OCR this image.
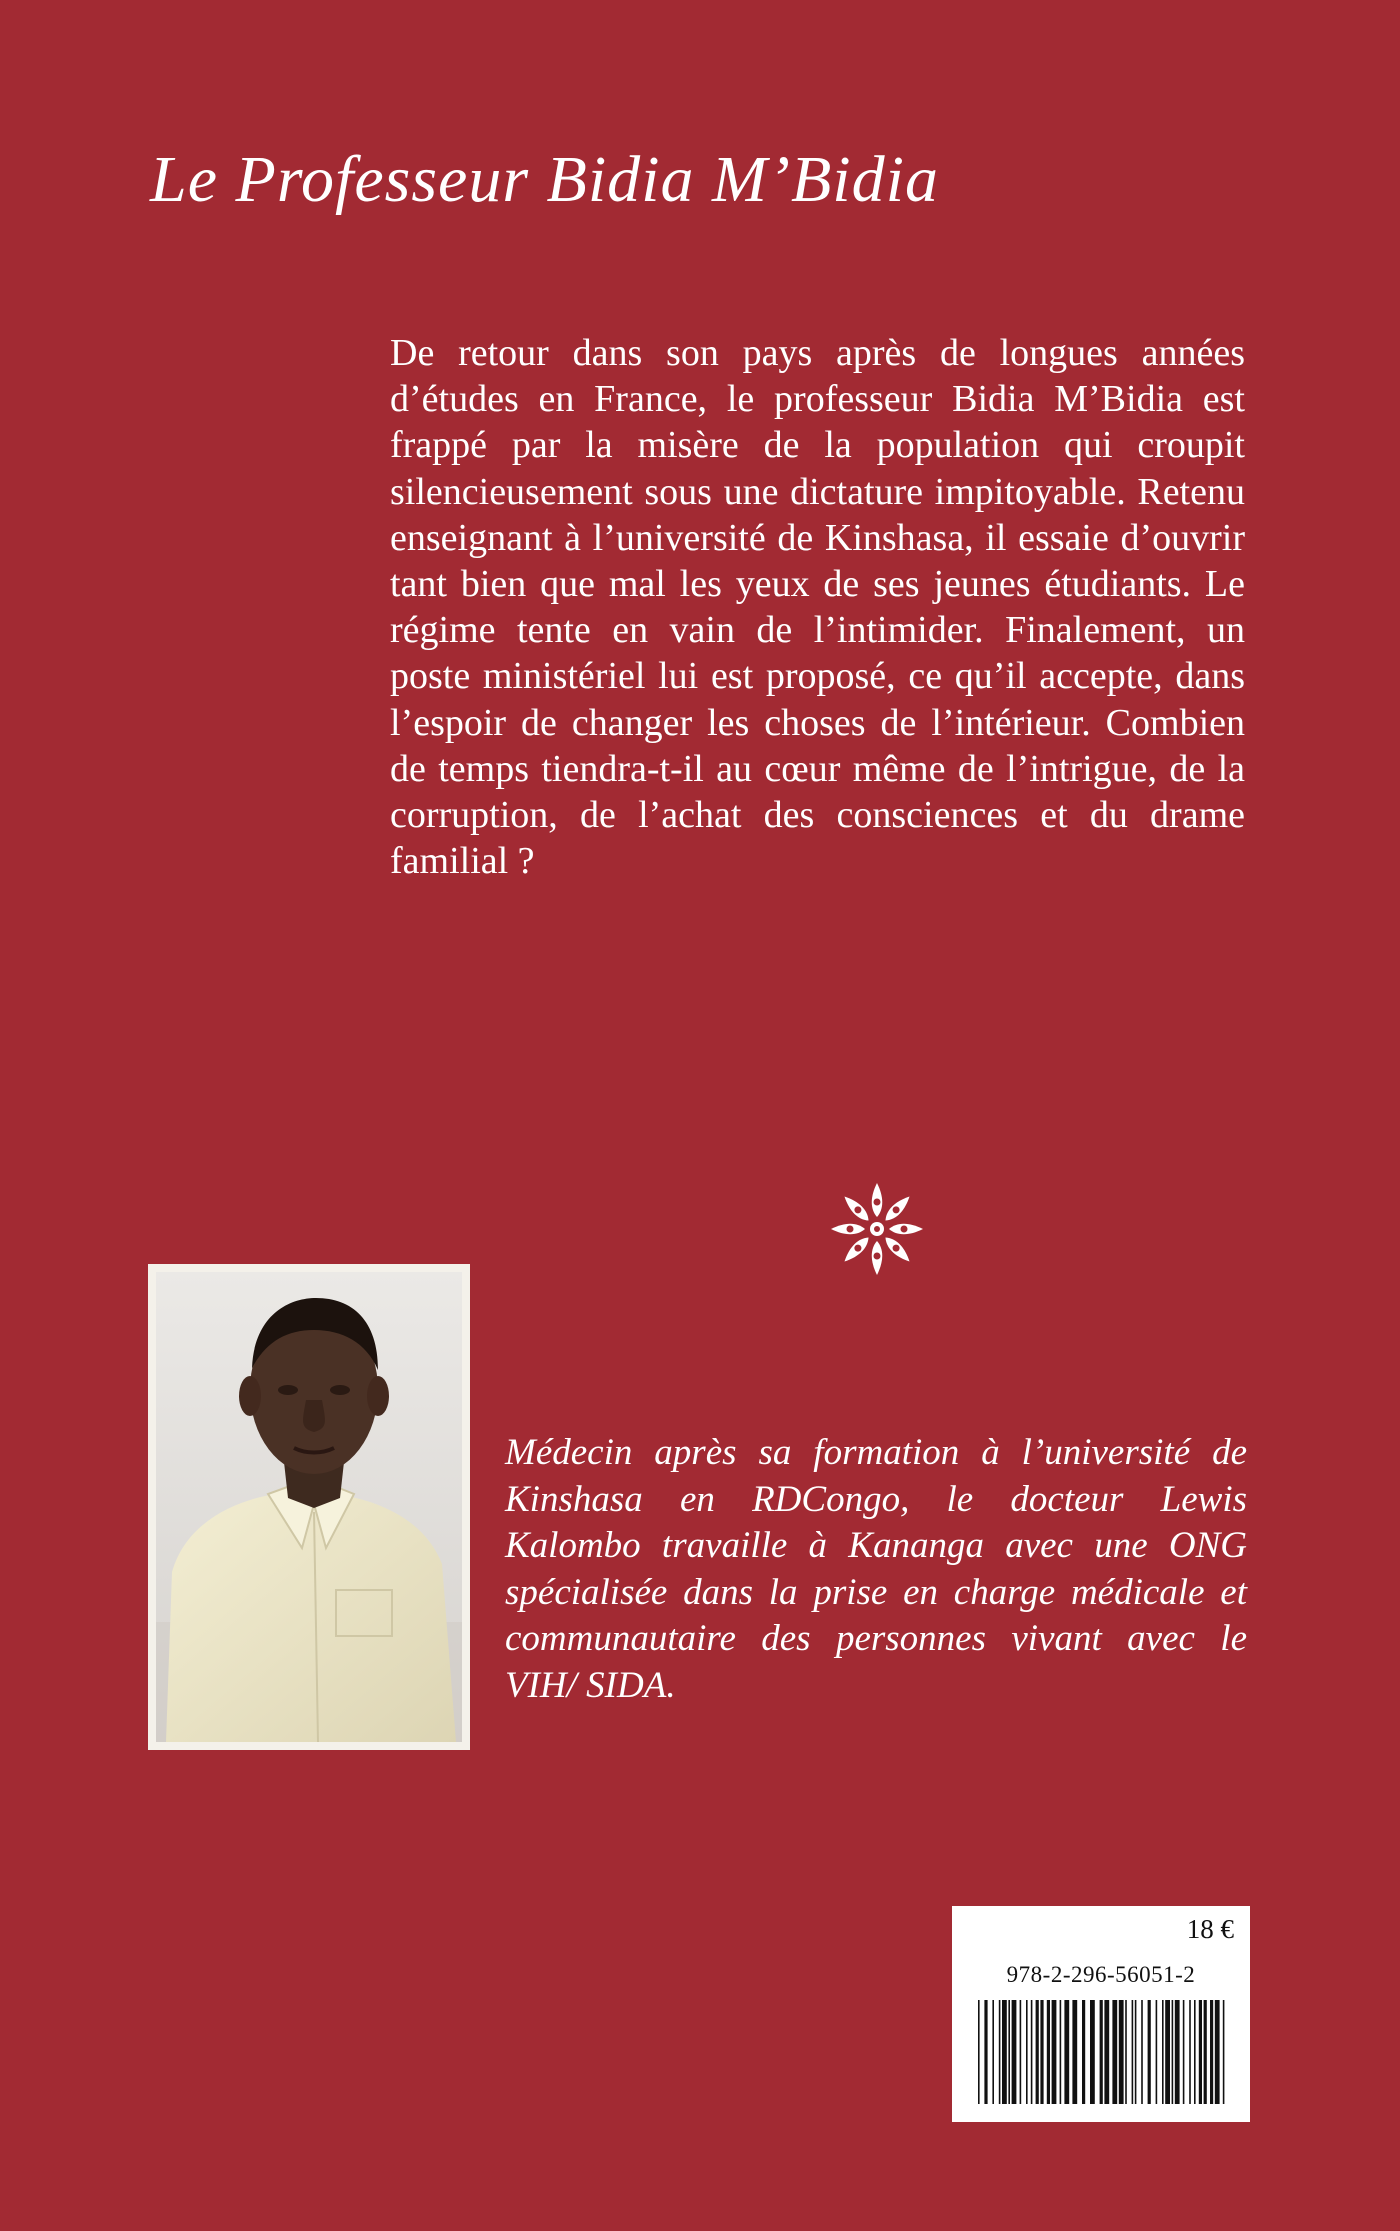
Le Professeur Bidia M’Bidia

De retour dans son pays après de longues années d’études en France, le professeur Bidia M’Bidia est frappé par la misère de la population qui croupit silencieusement sous une dictature impitoyable. Retenu enseignant à l’université de Kinshasa, il essaie d’ouvrir tant bien que mal les yeux de ses jeunes étudiants. Le régime tente en vain de l’intimider. Finalement, un poste ministériel lui est proposé, ce qu’il accepte, dans l’espoir de changer les choses de l’intérieur. Combien de temps tiendra-t-il au cœur même de l’intrigue, de la corruption, de l’achat des consciences et du drame familial ?

Médecin après sa formation à l’université de Kinshasa en RDCongo, le docteur Lewis Kalombo travaille à Kananga avec une ONG spécialisée dans la prise en charge médicale et communautaire des personnes vivant avec le VIH/ SIDA.

18 €
978-2-296-56051-2
